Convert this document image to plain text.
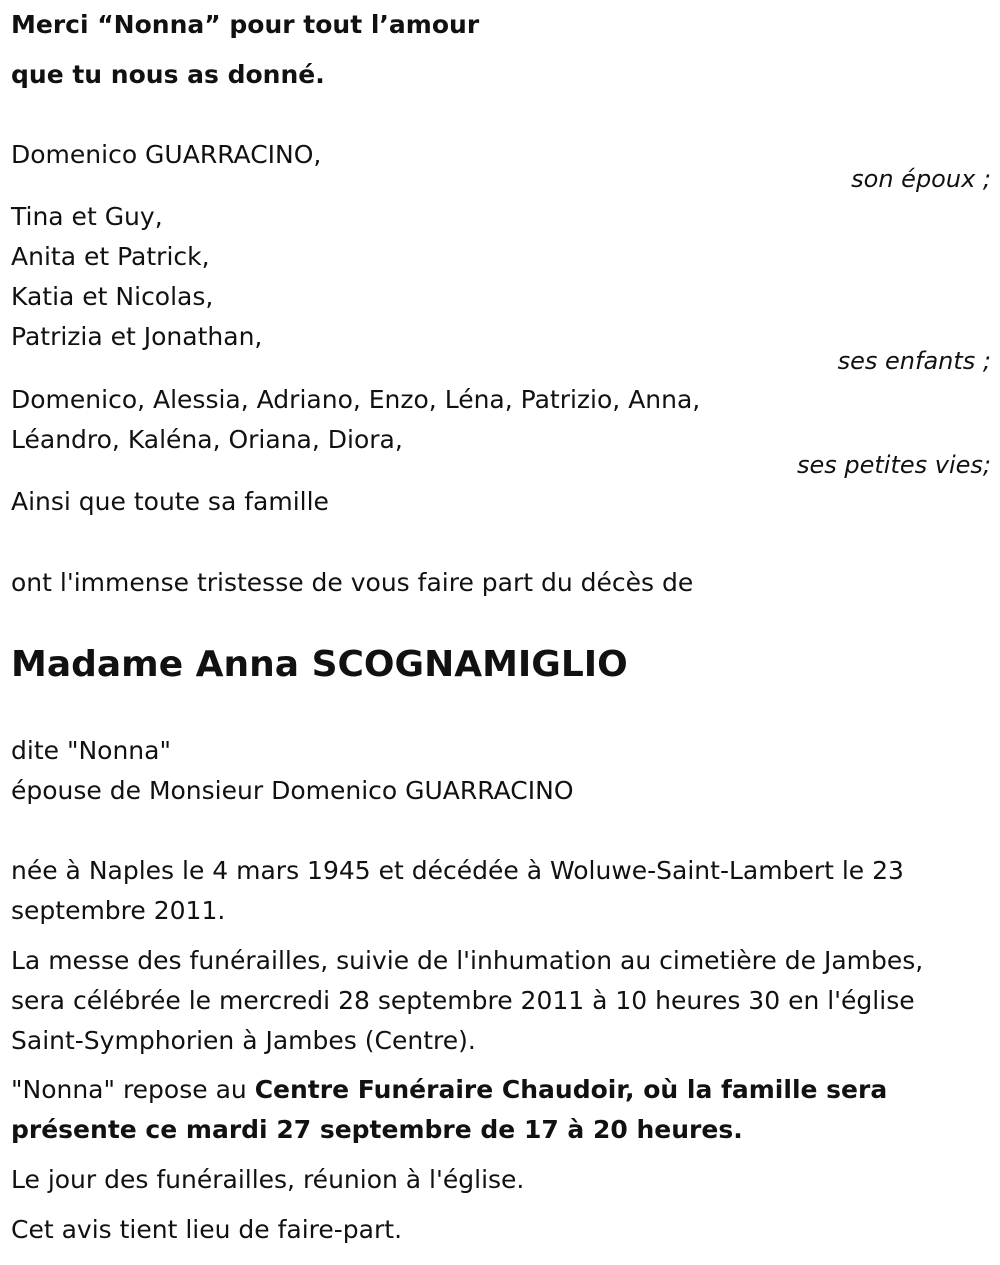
Merci “Nonna” pour tout l’amour
que tu nous as donné.
Domenico GUARRACINO,
son époux ;
Tina et Guy,
Anita et Patrick,
Katia et Nicolas,
Patrizia et Jonathan,
ses enfants ;
Domenico, Alessia, Adriano, Enzo, Léna, Patrizio, Anna,
Léandro, Kaléna, Oriana, Diora,
ses petites vies;
Ainsi que toute sa famille
ont l'immense tristesse de vous faire part du décès de
Madame Anna SCOGNAMIGLIO
dite "Nonna"
épouse de Monsieur Domenico GUARRACINO
née à Naples le 4 mars 1945 et décédée à Woluwe-Saint-Lambert le 23
septembre 2011.
La messe des funérailles, suivie de l'inhumation au cimetière de Jambes,
sera célébrée le mercredi 28 septembre 2011 à 10 heures 30 en l'église
Saint-Symphorien à Jambes (Centre).
"Nonna" repose au Centre Funéraire Chaudoir, où la famille sera
présente ce mardi 27 septembre de 17 à 20 heures.
Le jour des funérailles, réunion à l'église.
Cet avis tient lieu de faire-part.
